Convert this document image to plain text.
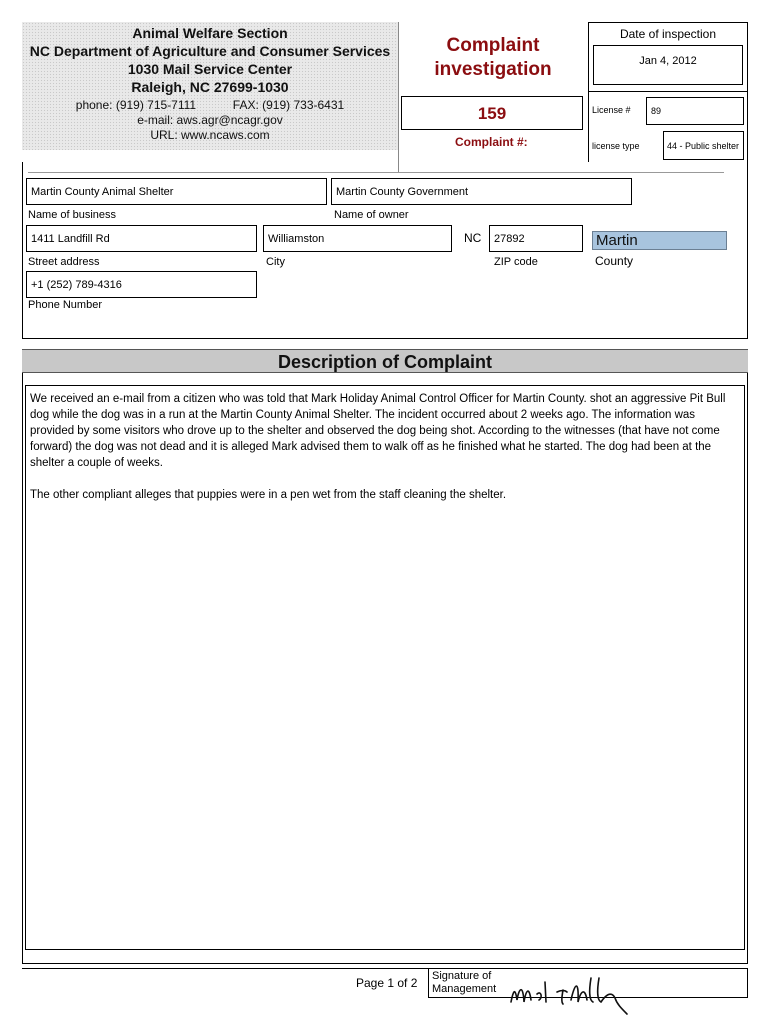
Animal Welfare Section
NC Department of Agriculture and Consumer Services
1030 Mail Service Center
Raleigh, NC 27699-1030
phone: (919) 715-7111	FAX: (919) 733-6431
e-mail: aws.agr@ncagr.gov
URL: www.ncaws.com
Complaint
investigation
Date of inspection
Jan 4, 2012
159
Complaint #:
License #	89
license type	44 - Public shelter
Martin County Animal Shelter
Name of business
Martin County Government
Name of owner
1411 Landfill Rd
Street address
Williamston
City
NC	27892
ZIP code
Martin
County
+1 (252) 789-4316
Phone Number
Description of Complaint

We received an e-mail from a citizen who was told that Mark Holiday Animal Control Officer for Martin County. shot an aggressive Pit Bull dog while the dog was in a run at the Martin County Animal Shelter. The incident occurred about 2 weeks ago. The information was provided by some visitors who drove up to the shelter and observed the dog being shot. According to the witnesses (that have not come forward) the dog was not dead and it is alleged Mark advised them to walk off as he finished what he started. The dog had been at the shelter a couple of weeks.

The other compliant alleges that puppies were in a pen wet from the staff cleaning the shelter.

Page 1 of 2 Signature of
Management
